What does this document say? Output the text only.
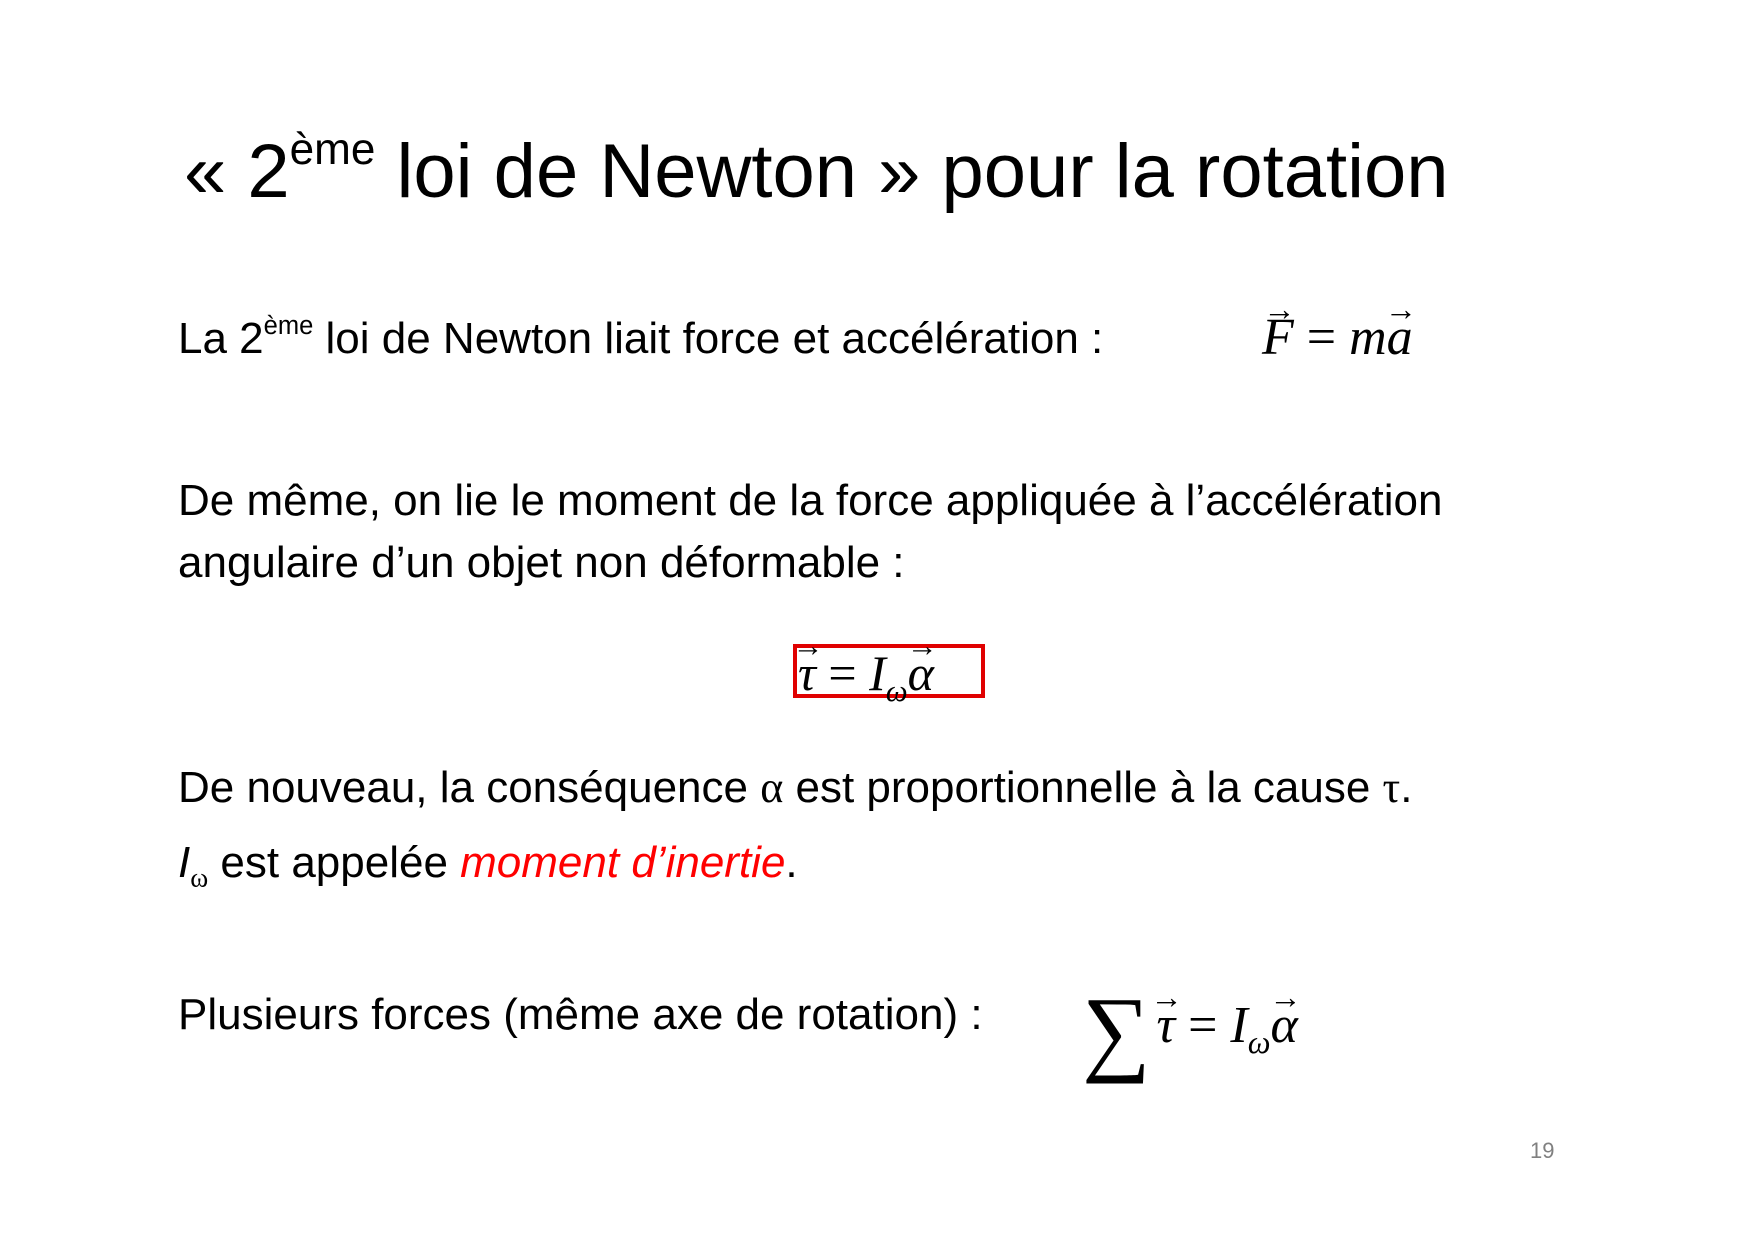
« 2ème loi de Newton » pour la rotation
La 2ème loi de Newton liait force et accélération :	→ F = m→ a
De même, on lie le moment de la force appliquée à l’accélération angulaire d’un objet non déformable :
→ $\tau = I_\omega\to \alpha$
De nouveau, la conséquence α est proportionnelle à la cause τ.
$I_\omega$ est appelée moment d’inertie.
Plusieurs forces (même axe de rotation) : ∑ → $\tau = I_\omega\to \alpha$
19
